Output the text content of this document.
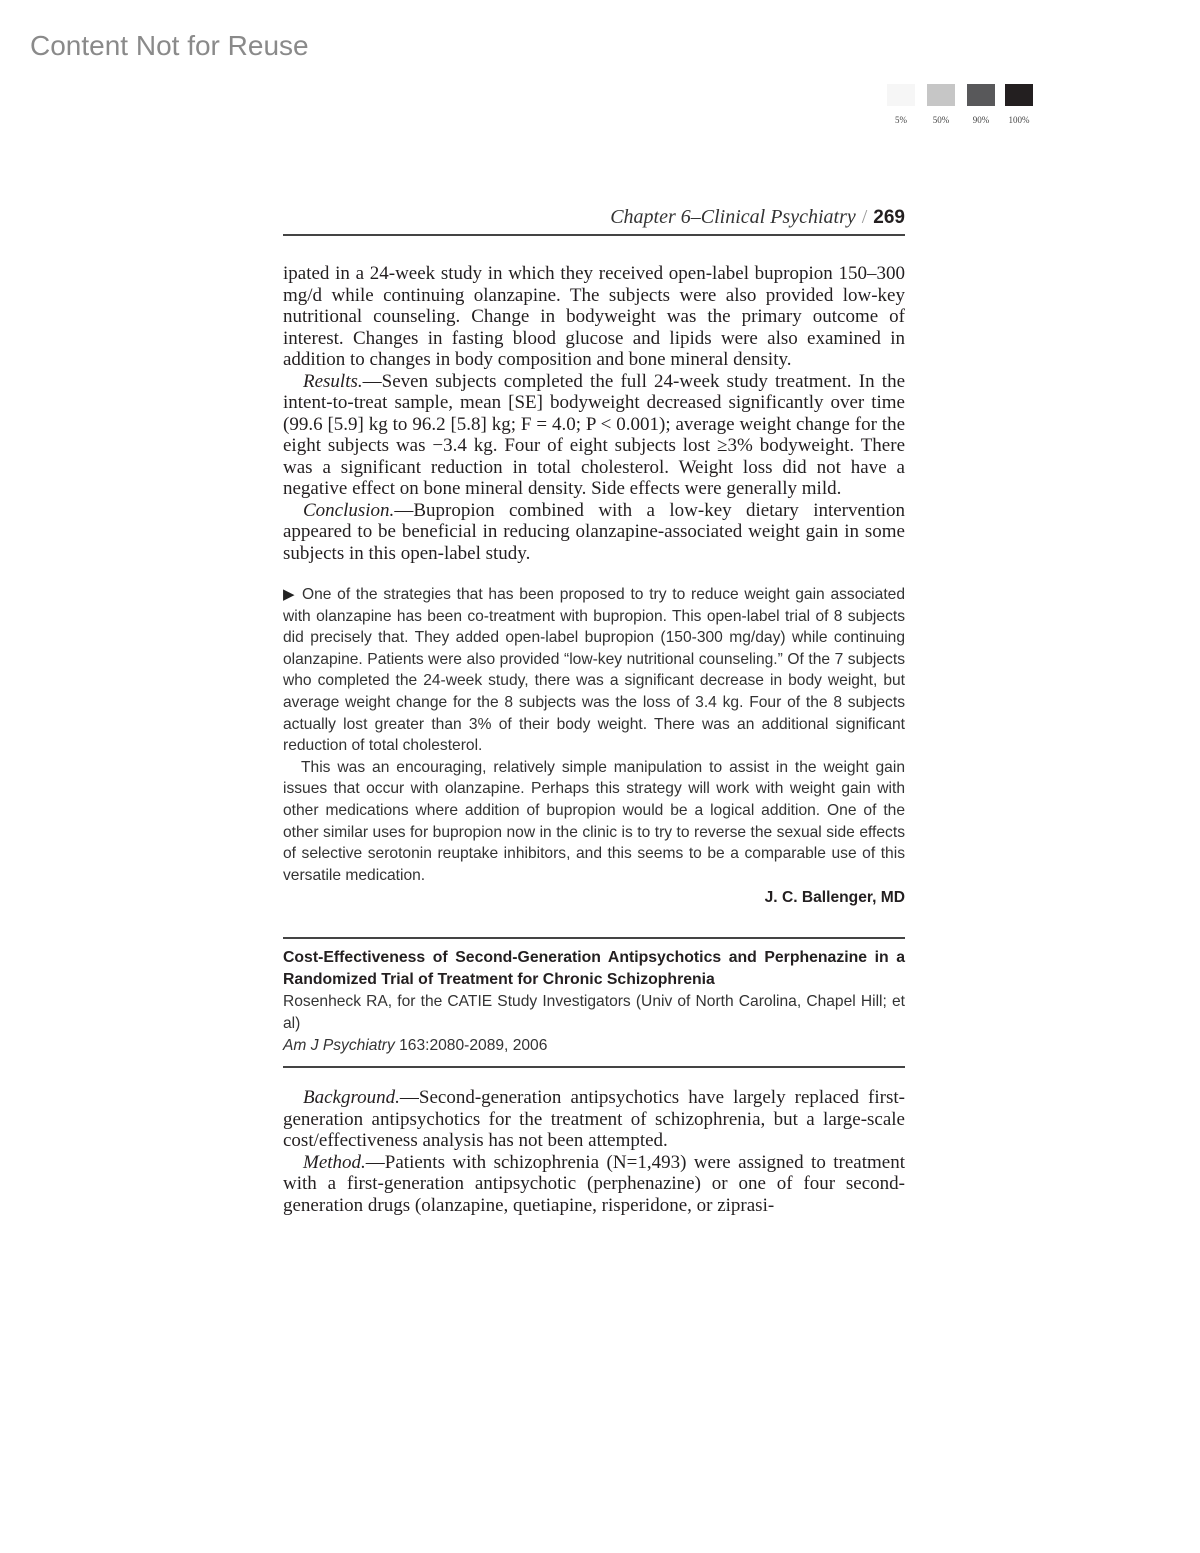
Content Not for Reuse
5%	50%	90%	100%
Chapter 6–Clinical Psychiatry / 269

ipated in a 24-week study in which they received open-label bupropion 150–300 mg/d while continuing olanzapine. The subjects were also provided low-key nutritional counseling. Change in bodyweight was the primary outcome of interest. Changes in fasting blood glucose and lipids were also examined in addition to changes in body composition and bone mineral density.

Results.—Seven subjects completed the full 24-week study treatment. In the intent-to-treat sample, mean [SE] bodyweight decreased significantly over time (99.6 [5.9] kg to 96.2 [5.8] kg; F = 4.0; P < 0.001); average weight change for the eight subjects was −3.4 kg. Four of eight subjects lost ≥3% bodyweight. There was a significant reduction in total cholesterol. Weight loss did not have a negative effect on bone mineral density. Side effects were generally mild.

Conclusion.—Bupropion combined with a low-key dietary intervention appeared to be beneficial in reducing olanzapine-associated weight gain in some subjects in this open-label study.

▶ One of the strategies that has been proposed to try to reduce weight gain associated with olanzapine has been co-treatment with bupropion. This open-label trial of 8 subjects did precisely that. They added open-label bupropion (150-300 mg/day) while continuing olanzapine. Patients were also provided “low-key nutritional counseling.” Of the 7 subjects who completed the 24-week study, there was a significant decrease in body weight, but average weight change for the 8 subjects was the loss of 3.4 kg. Four of the 8 subjects actually lost greater than 3% of their body weight. There was an additional significant reduction of total cholesterol.

This was an encouraging, relatively simple manipulation to assist in the weight gain issues that occur with olanzapine. Perhaps this strategy will work with weight gain with other medications where addition of bupropion would be a logical addition. One of the other similar uses for bupropion now in the clinic is to try to reverse the sexual side effects of selective serotonin reuptake inhibitors, and this seems to be a comparable use of this versatile medication.

J. C. Ballenger, MD

Cost-Effectiveness of Second-Generation Antipsychotics and Perphenazine in a Randomized Trial of Treatment for Chronic Schizophrenia

Rosenheck RA, for the CATIE Study Investigators (Univ of North Carolina, Chapel Hill; et al)

Am J Psychiatry 163:2080-2089, 2006

Background.—Second-generation antipsychotics have largely replaced first-generation antipsychotics for the treatment of schizophrenia, but a large-scale cost/effectiveness analysis has not been attempted.

Method.—Patients with schizophrenia (N=1,493) were assigned to treatment with a first-generation antipsychotic (perphenazine) or one of four second-generation drugs (olanzapine, quetiapine, risperidone, or ziprasi-
